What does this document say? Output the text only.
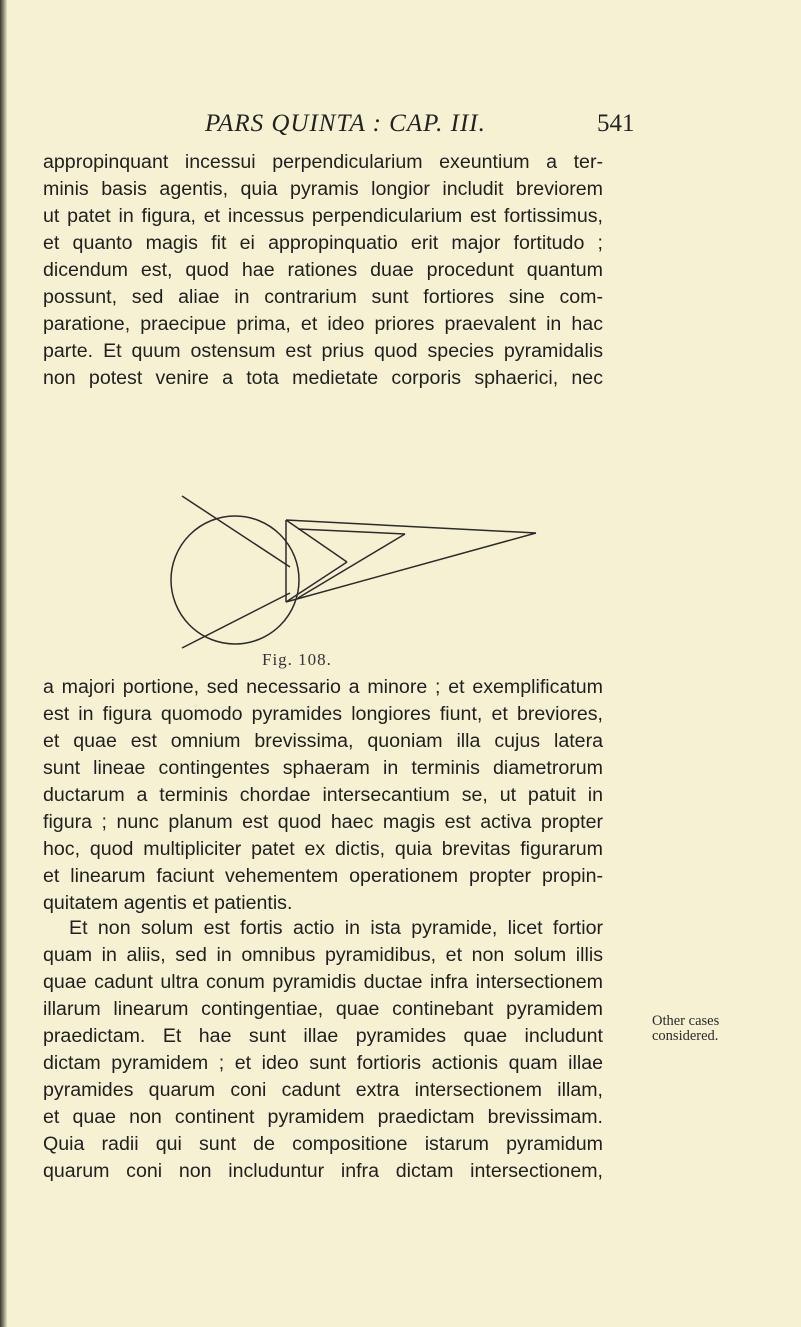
PARS QUINTA : CAP. III.	541
appropinquant incessui perpendicularium exeuntium a ter-
minis basis agentis, quia pyramis longior includit breviorem
ut patet in figura, et incessus perpendicularium est fortissimus,
et quanto magis fit ei appropinquatio erit major fortitudo ;
dicendum est, quod hae rationes duae procedunt quantum
possunt, sed aliae in contrarium sunt fortiores sine com-
paratione, praecipue prima, et ideo priores praevalent in hac
parte. Et quum ostensum est prius quod species pyramidalis
non potest venire a tota medietate corporis sphaerici, nec
Fig. 108.
a majori portione, sed necessario a minore ; et exemplificatum
est in figura quomodo pyramides longiores fiunt, et breviores,
et quae est omnium brevissima, quoniam illa cujus latera
sunt lineae contingentes sphaeram in terminis diametrorum
ductarum a terminis chordae intersecantium se, ut patuit in
figura ; nunc planum est quod haec magis est activa propter
hoc, quod multipliciter patet ex dictis, quia brevitas figurarum
et linearum faciunt vehementem operationem propter propin-
quitatem agentis et patientis.
Et non solum est fortis actio in ista pyramide, licet fortior
quam in aliis, sed in omnibus pyramidibus, et non solum illis
quae cadunt ultra conum pyramidis ductae infra intersectionem
illarum linearum contingentiae, quae continebant pyramidem
praedictam. Et hae sunt illae pyramides quae includunt
dictam pyramidem ; et ideo sunt fortioris actionis quam illae
pyramides quarum coni cadunt extra intersectionem illam,
et quae non continent pyramidem praedictam brevissimam.
Quia radii qui sunt de compositione istarum pyramidum
quarum coni non includuntur infra dictam intersectionem,
Other cases
considered.
